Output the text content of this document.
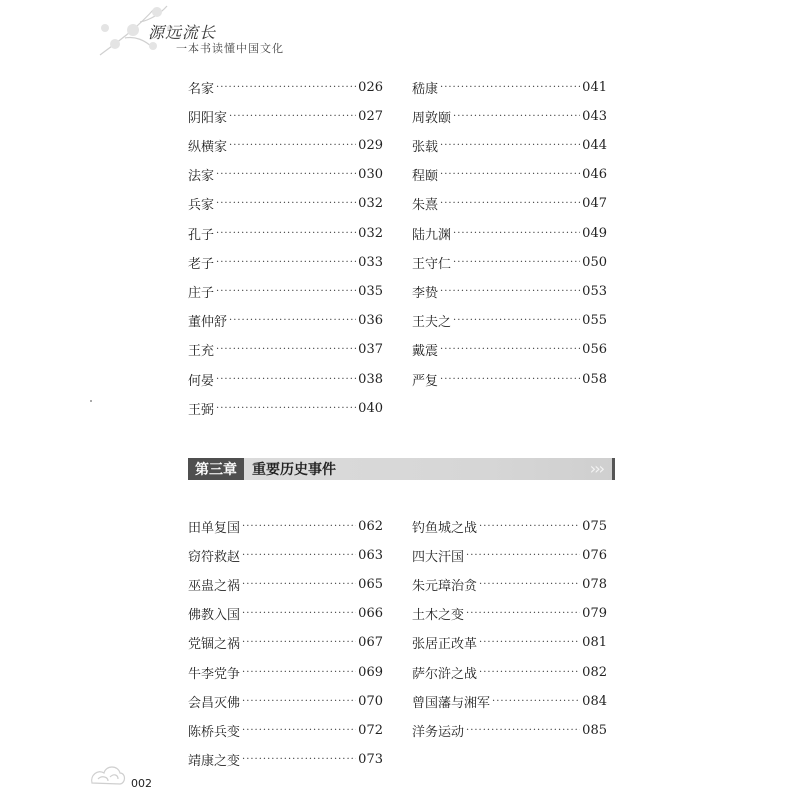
源远流长
一本书读懂中国文化
名家 ·····	026
阴阳家 ·····	027
纵横家 ·····	029
法家 ·····	030
兵家 ·····	032
孔子 ·····	032
老子 ·····	033
庄子 ·····	035
董仲舒 ·····	036
王充 ·····	037
何晏 ·····	038
王弼 ·····	040
嵇康 ·····	041
周敦颐 ·····	043
张载 ·····	044
程颐 ·····	046
朱熹 ·····	047
陆九渊 ·····	049
王守仁 ·····	050
李贽 ·····	053
王夫之 ·····	055
戴震 ·····	056
严复 ·····	058
第三章	重要历史事件	›››
田单复国 ·····	062
窃符救赵 ·····	063
巫蛊之祸 ·····	065
佛教入国 ·····	066
党锢之祸 ·····	067
牛李党争 ·····	069
会昌灭佛 ·····	070
陈桥兵变 ·····	072
靖康之变 ·····	073
钓鱼城之战 ·····	075
四大汗国 ·····	076
朱元璋治贪 ·····	078
土木之变 ·····	079
张居正改革 ·····	081
萨尔浒之战 ·····	082
曾国藩与湘军 ·····	084
洋务运动 ·····	085
002
